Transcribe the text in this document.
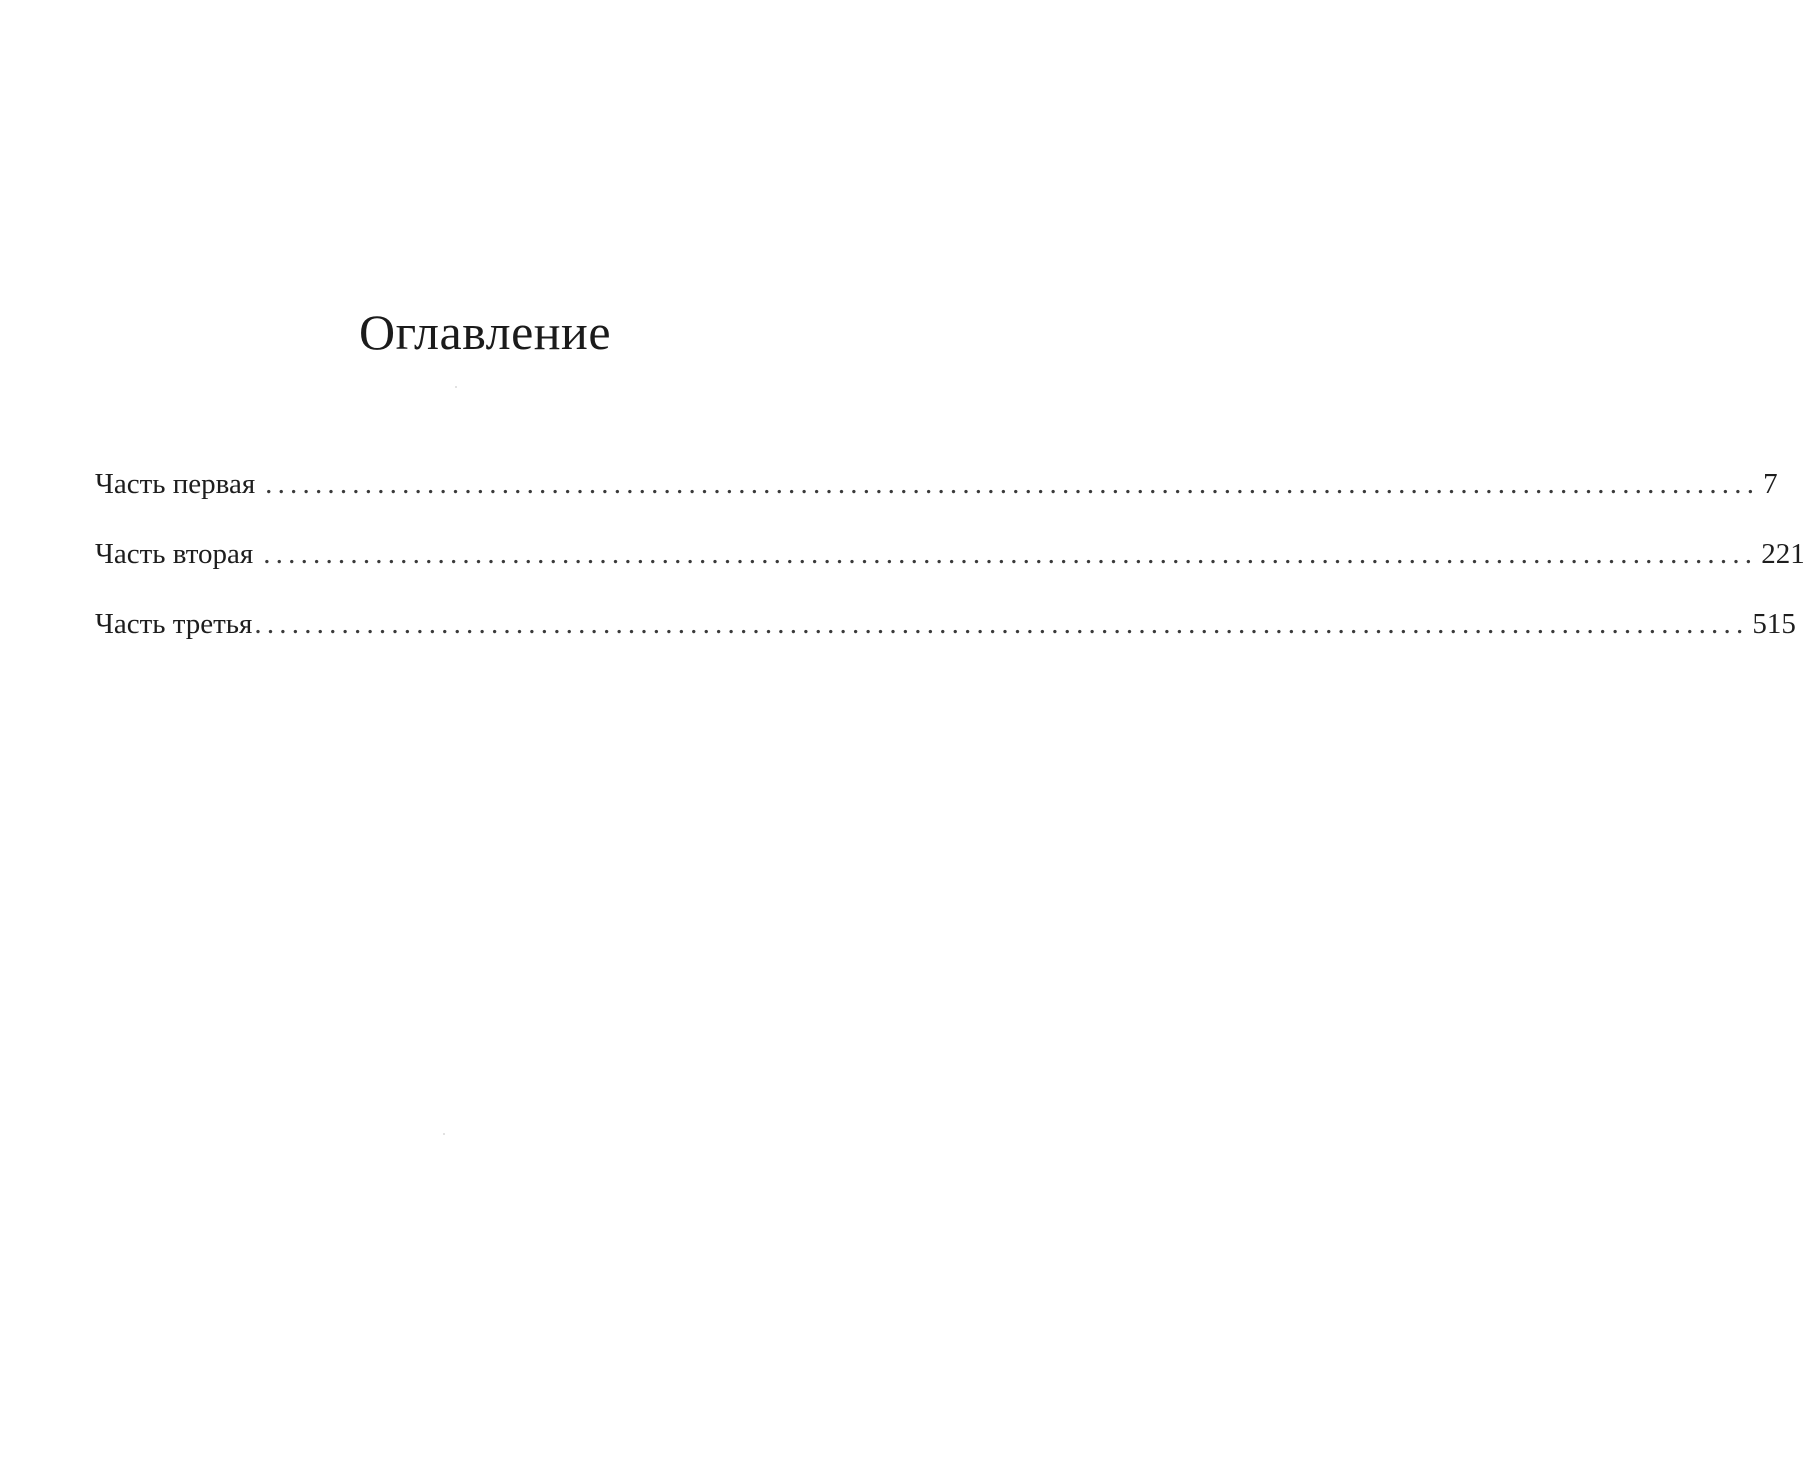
Оглавление
Часть первая ........................................................................................................................ 7
Часть вторая ........................................................................................................................ 221
Часть третья ........................................................................................................................ 515
